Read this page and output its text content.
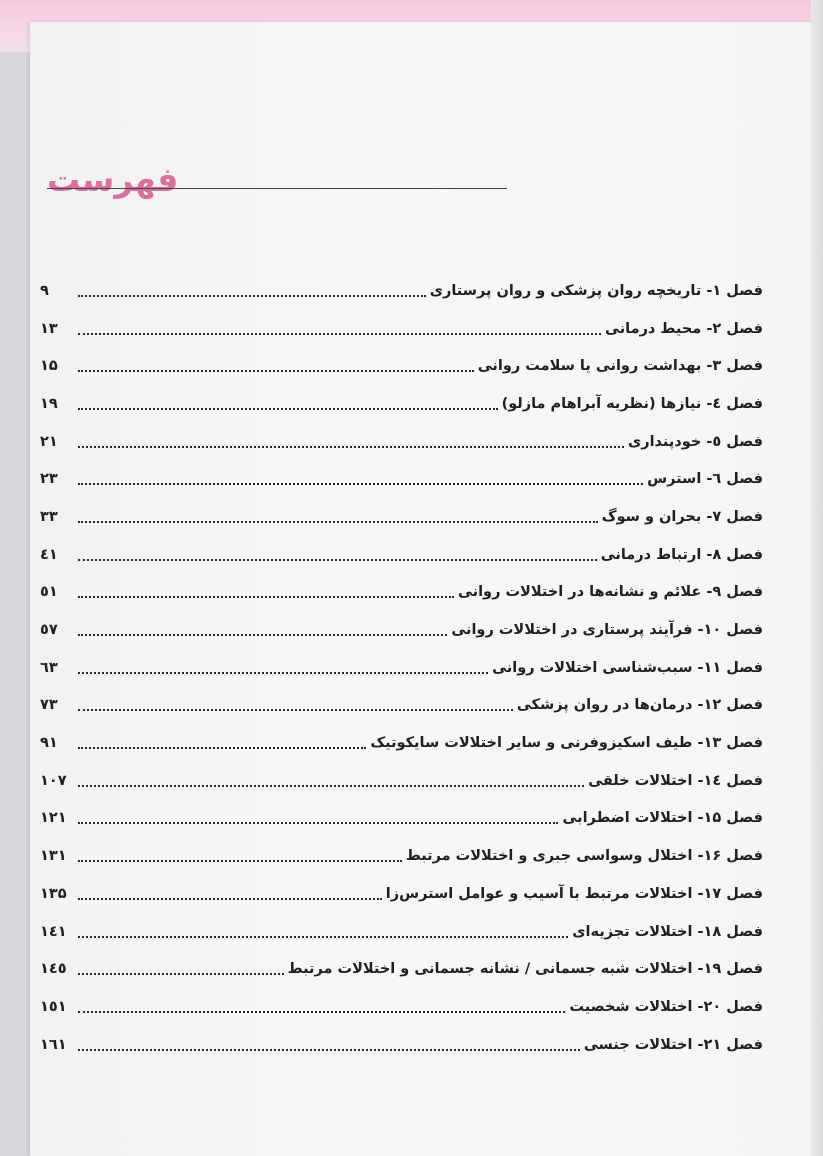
فهرست
فصل ۱- تاریخچه روان پزشکی و روان پرستاری
۹
فصل ۲- محیط درمانی
۱۳
فصل ۳- بهداشت روانی یا سلامت روانی
۱۵
فصل ٤- نیازها (نظریه آبراهام مازلو)
۱۹
فصل ٥- خودپنداری
۲۱
فصل ٦- استرس
۲۳
فصل ۷- بحران و سوگ
۳۳
فصل ۸- ارتباط درمانی
٤۱
فصل ۹- علائم و نشانه‌ها در اختلالات روانی
٥۱
فصل ۱۰- فرآیند پرستاری در اختلالات روانی
٥۷
فصل ۱۱- سبب‌شناسی اختلالات روانی
٦۳
فصل ۱۲- درمان‌ها در روان پزشکی
۷۳
فصل ۱۳- طیف اسکیزوفرنی و سایر اختلالات سایکوتیک
۹۱
فصل ١٤- اختلالات خلقی
۱۰۷
فصل ۱۵- اختلالات اضطرابی
۱۲۱
فصل ۱۶- اختلال وسواسی جبری و اختلالات مرتبط
۱۳۱
فصل ۱۷- اختلالات مرتبط با آسیب و عوامل استرس‌زا
۱۳۵
فصل ۱۸- اختلالات تجزیه‌ای
١٤۱
فصل ۱۹- اختلالات شبه جسمانی / نشانه جسمانی و اختلالات مرتبط
١٤٥
فصل ۲۰- اختلالات شخصیت
۱٥۱
فصل ۲۱- اختلالات جنسی
۱٦۱
